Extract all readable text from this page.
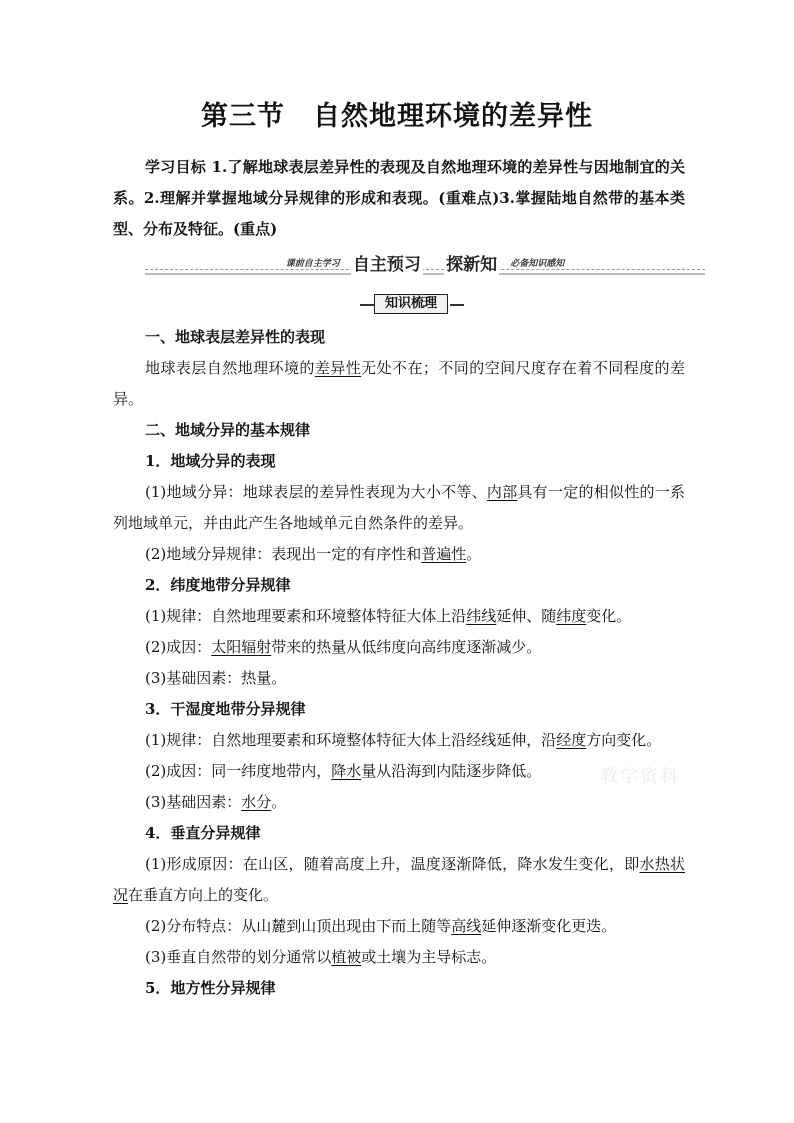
第三节　自然地理环境的差异性
学习目标 1.了解地球表层差异性的表现及自然地理环境的差异性与因地制宜的关系。2.理解并掌握地域分异规律的形成和表现。(重难点)3.掌握陆地自然带的基本类型、分布及特征。(重点)
课前自主学习 自主预习 » 探新知 必备知识感知
知识梳理

一、地球表层差异性的表现

地球表层自然地理环境的差异性无处不在；不同的空间尺度存在着不同程度的差异。

二、地域分异的基本规律

1．地域分异的表现

(1)地域分异：地球表层的差异性表现为大小不等、内部具有一定的相似性的一系列地域单元，并由此产生各地域单元自然条件的差异。

(2)地域分异规律：表现出一定的有序性和普遍性。

2．纬度地带分异规律

(1)规律：自然地理要素和环境整体特征大体上沿纬线延伸、随纬度变化。

(2)成因：太阳辐射带来的热量从低纬度向高纬度逐渐减少。

(3)基础因素：热量。

3．干湿度地带分异规律

(1)规律：自然地理要素和环境整体特征大体上沿经线延伸，沿经度方向变化。

(2)成因：同一纬度地带内，降水量从沿海到内陆逐步降低。

(3)基础因素：水分。

4．垂直分异规律

(1)形成原因：在山区，随着高度上升，温度逐渐降低，降水发生变化，即水热状况在垂直方向上的变化。

(2)分布特点：从山麓到山顶出现由下而上随等高线延伸逐渐变化更迭。

(3)垂直自然带的划分通常以植被或土壤为主导标志。

5．地方性分异规律

教学资料
